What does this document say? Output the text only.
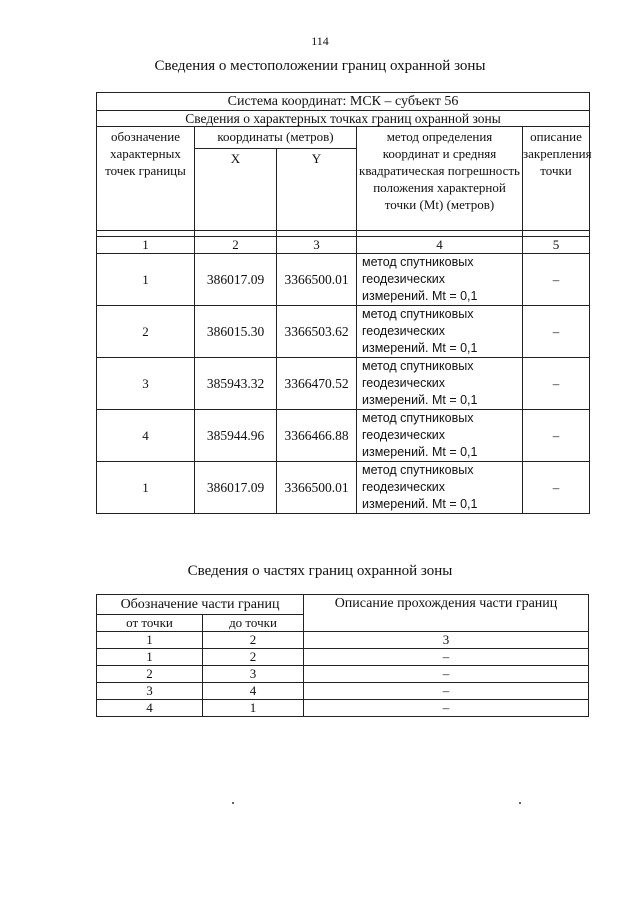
114
Сведения о местоположении границ охранной зоны
Система координат: МСК – субъект 56				
Сведения о характерных точках границ охранной зоны				
обозначение характерных точек границы	координаты (метров)		метод определения координат и средняя квадратическая погрешность положения характерной точки (Mt) (метров)	описание закрепления точки
	X	Y		

1	2	3	4	5
1	386017.09	3366500.01	метод спутниковых
геодезических
измерений. Mt = 0,1	–
2	386015.30	3366503.62	метод спутниковых
геодезических
измерений. Mt = 0,1	–
3	385943.32	3366470.52	метод спутниковых
геодезических
измерений. Mt = 0,1	–
4	385944.96	3366466.88	метод спутниковых
геодезических
измерений. Mt = 0,1	–
1	386017.09	3366500.01	метод спутниковых
геодезических
измерений. Mt = 0,1	–
Сведения о частях границ охранной зоны
Обозначение части границ		Описание прохождения части границ
от точки	до точки	
1	2	3
1	2	–
2	3	–
3	4	–
4	1	–
